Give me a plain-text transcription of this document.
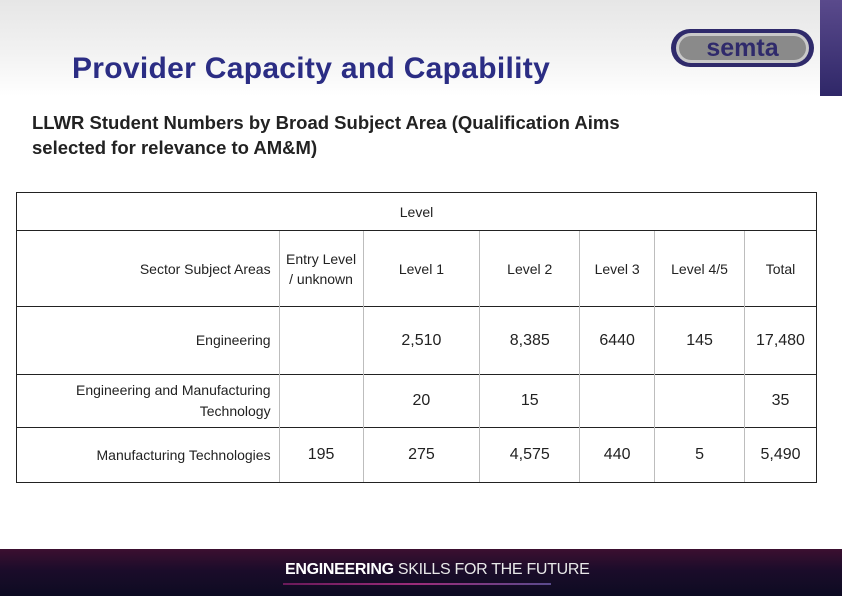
Provider Capacity and Capability
semta

LLWR Student Numbers by Broad Subject Area (Qualification Aims
selected for relevance to AM&M)

Level						
Sector Subject Areas	Entry Level / unknown	Level 1	Level 2	Level 3	Level 4/5	Total
Engineering		2,510	8,385	6440	145	17,480
Engineering and Manufacturing Technology		20	15			35
Manufacturing Technologies	195	275	4,575	440	5	5,490
ENGINEERING SKILLS FOR THE FUTURE
